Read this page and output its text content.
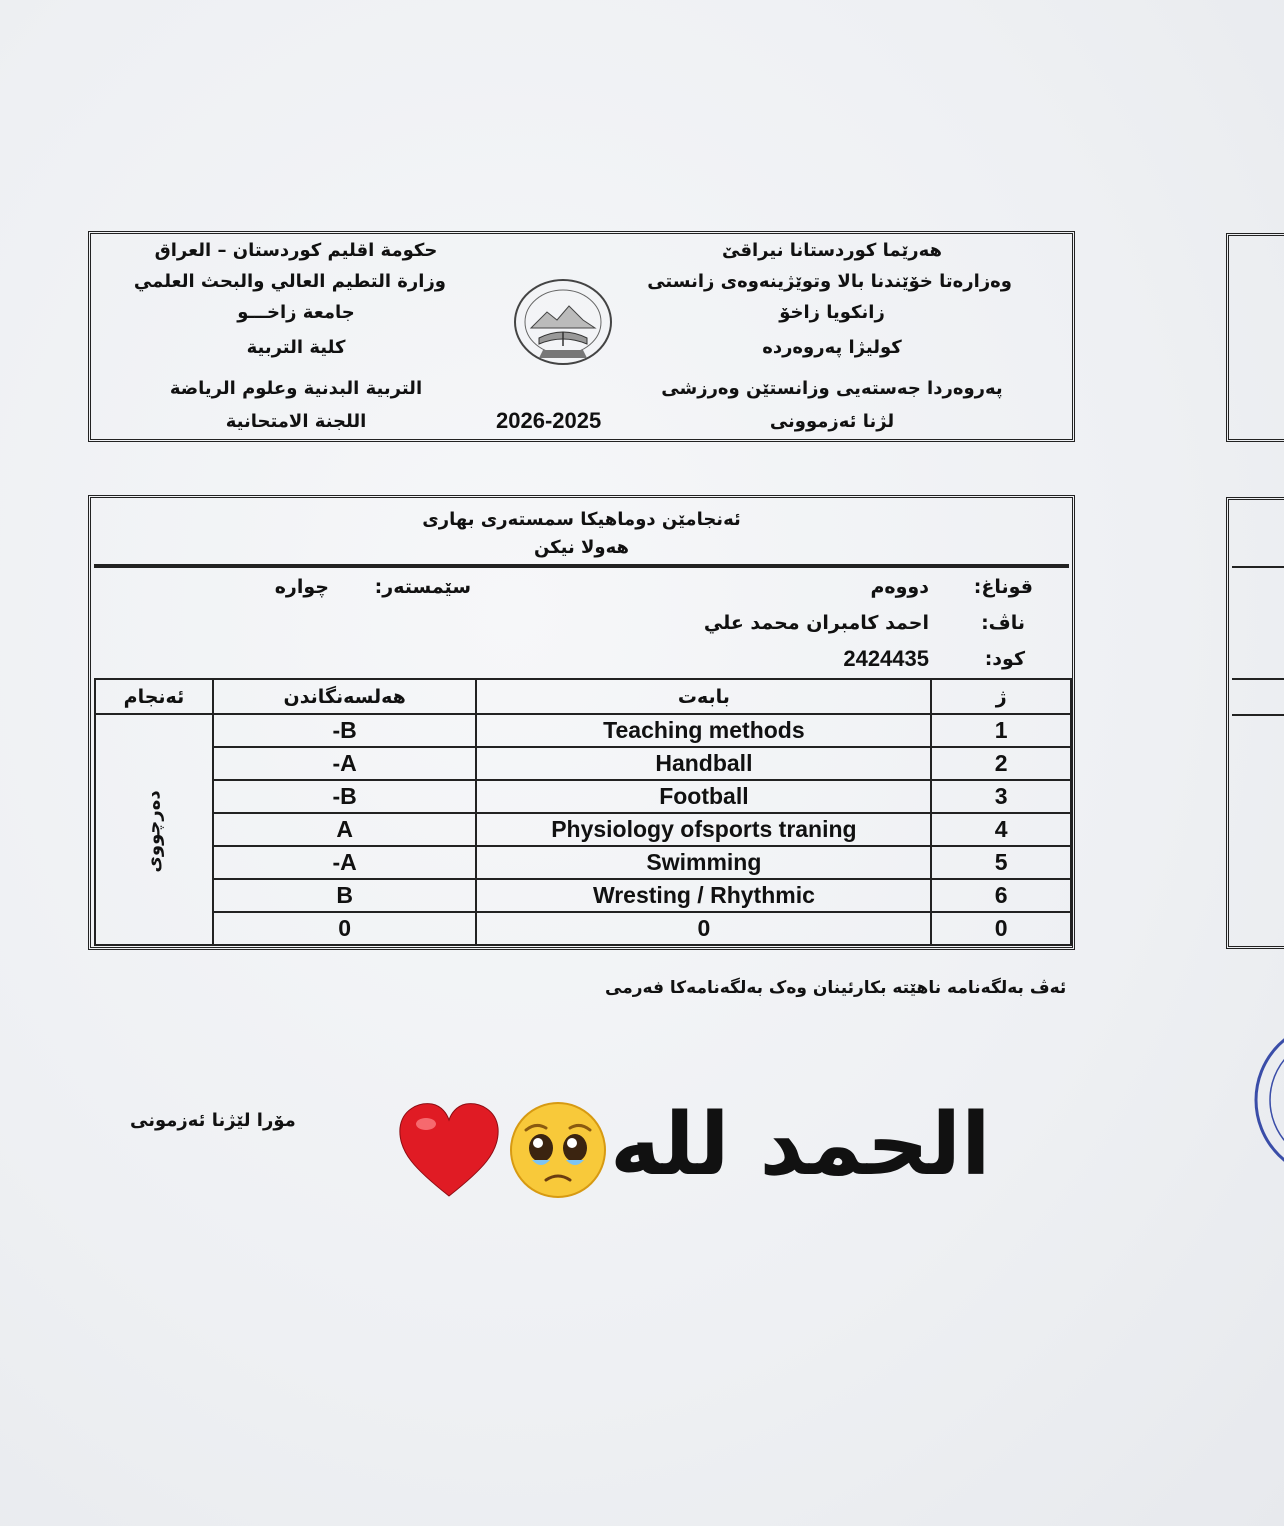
هەرێما کوردستانا نیراقێ
وەزارەتا خۆێندنا بالا وتوێژینەوەی زانستی
زانکویا زاخۆ
کولیژا پەروەردە
پەروەردا جەستەیی وزانستێن وەرزشی
لژنا ئەزموونی
حكومة اقليم كوردستان – العراق
وزارة التطيم العالي والبحث العلمي
جامعة زاخـــو
كلية التربية
التربية البدنية وعلوم الرياضة
اللجنة الامتحانية	2026-2025
ئەنجامێن دوماهیکا سمستەری بهاری
هەولا نیکن
قوناغ:
دووەم
سێمستەر:
چوارە
ناڤ:
احمد كامبران محمد علي
كود:
2424435
ئەنجام	هەلسەنگاندن	بابەت	ژ
دەرچووی	-B	Teaching methods	1
	-A	Handball	2
	-B	Football	3
	A	Physiology ofsports traning	4
	-A	Swimming	5
	B	Wresting / Rhythmic	6
	0	0	0
ئەڤ بەلگەنامە ناهێتە بکارئینان وەک بەلگەنامەکا فەرمی
مۆرا لێژنا ئەزمونی	الحمد لله
